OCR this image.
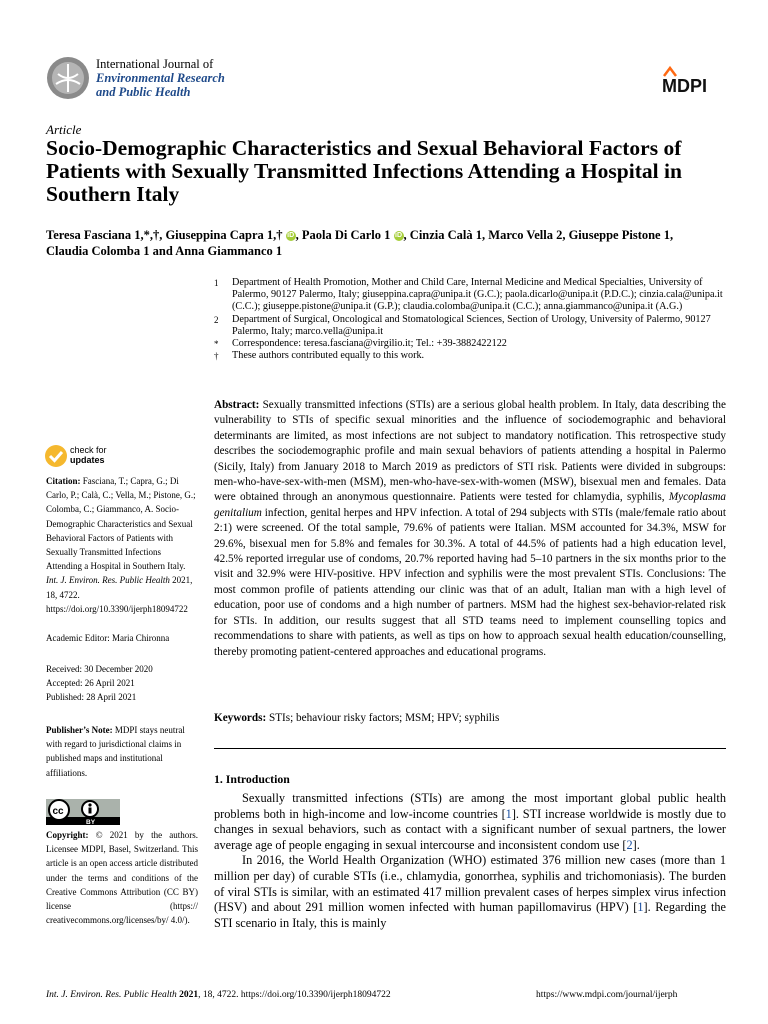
International Journal of
Environmental Research
and Public Health	MDPI
Article
Socio-Demographic Characteristics and Sexual Behavioral Factors of Patients with Sexually Transmitted Infections Attending a Hospital in Southern Italy
Teresa Fasciana 1,*,†, Giuseppina Capra 1,† iD , Paola Di Carlo 1 iD , Cinzia Calà 1, Marco Vella 2, Giuseppe Pistone 1,
Claudia Colomba 1 and Anna Giammanco 1
1	Department of Health Promotion, Mother and Child Care, Internal Medicine and Medical Specialties, University of Palermo, 90127 Palermo, Italy; giuseppina.capra@unipa.it (G.C.); paola.dicarlo@unipa.it (P.D.C.); cinzia.cala@unipa.it (C.C.); giuseppe.pistone@unipa.it (G.P.); claudia.colomba@unipa.it (C.C.); anna.giammanco@unipa.it (A.G.)
2	Department of Surgical, Oncological and Stomatological Sciences, Section of Urology, University of Palermo, 90127 Palermo, Italy; marco.vella@unipa.it
*	Correspondence: teresa.fasciana@virgilio.it; Tel.: +39-3882422122
†	These authors contributed equally to this work.
check for
updates
Citation: Fasciana, T.; Capra, G.; Di Carlo, P.; Calà, C.; Vella, M.; Pistone, G.; Colomba, C.; Giammanco, A. Socio-Demographic Characteristics and Sexual Behavioral Factors of Patients with Sexually Transmitted Infections Attending a Hospital in Southern Italy. Int. J. Environ. Res. Public Health 2021, 18, 4722. https://doi.org/10.3390/ijerph18094722
Academic Editor: Maria Chironna
Received: 30 December 2020
Accepted: 26 April 2021
Published: 28 April 2021
Publisher’s Note: MDPI stays neutral with regard to jurisdictional claims in published maps and institutional affiliations.
cc
BY
Copyright: © 2021 by the authors. Licensee MDPI, Basel, Switzerland. This article is an open access article distributed under the terms and conditions of the Creative Commons Attribution (CC BY) license (https:// creativecommons.org/licenses/by/ 4.0/).
Abstract: Sexually transmitted infections (STIs) are a serious global health problem. In Italy, data describing the vulnerability to STIs of specific sexual minorities and the influence of sociodemographic and behavioral determinants are limited, as most infections are not subject to mandatory notification. This retrospective study describes the sociodemographic profile and main sexual behaviors of patients attending a hospital in Palermo (Sicily, Italy) from January 2018 to March 2019 as predictors of STI risk. Patients were divided in subgroups: men-who-have-sex-with-men (MSM), men-who-have-sex-with-women (MSW), bisexual men and females. Data were obtained through an anonymous questionnaire. Patients were tested for chlamydia, syphilis, Mycoplasma genitalium infection, genital herpes and HPV infection. A total of 294 subjects with STIs (male/female ratio about 2:1) were screened. Of the total sample, 79.6% of patients were Italian. MSM accounted for 34.3%, MSW for 29.6%, bisexual men for 5.8% and females for 30.3%. A total of 44.5% of patients had a high education level, 42.5% reported irregular use of condoms, 20.7% reported having had 5–10 partners in the six months prior to the visit and 32.9% were HIV-positive. HPV infection and syphilis were the most prevalent STIs. Conclusions: The most common profile of patients attending our clinic was that of an adult, Italian man with a high level of education, poor use of condoms and a high number of partners. MSM had the highest sex-behavior-related risk for STIs. In addition, our results suggest that all STD teams need to implement counselling topics and recommendations to share with patients, as well as tips on how to approach sexual health education/counselling, thereby promoting patient-centered approaches and educational programs.
Keywords: STIs; behaviour risky factors; MSM; HPV; syphilis
1. Introduction

Sexually transmitted infections (STIs) are among the most important global public health problems both in high-income and low-income countries [1]. STI increase worldwide is mostly due to changes in sexual behaviors, such as contact with a significant number of sexual partners, the lower average age of people engaging in sexual intercourse and inconsistent condom use [2].

In 2016, the World Health Organization (WHO) estimated 376 million new cases (more than 1 million per day) of curable STIs (i.e., chlamydia, gonorrhea, syphilis and trichomoniasis). The burden of viral STIs is similar, with an estimated 417 million prevalent cases of herpes simplex virus infection (HSV) and about 291 million women infected with human papillomavirus (HPV) [1]. Regarding the STI scenario in Italy, this is mainly

Int. J. Environ. Res. Public Health 2021, 18, 4722. https://doi.org/10.3390/ijerph18094722	https://www.mdpi.com/journal/ijerph
